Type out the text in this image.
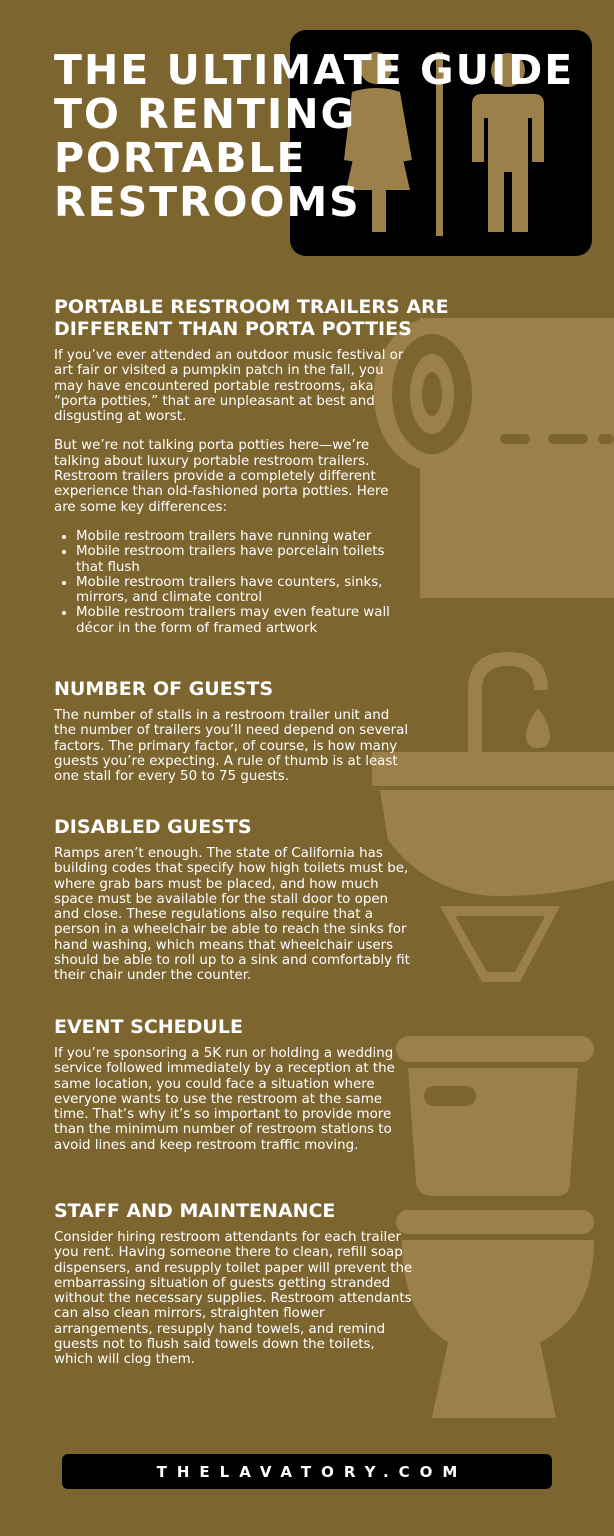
THE ULTIMATE GUIDE TO RENTING PORTABLE RESTROOMS
PORTABLE RESTROOM TRAILERS ARE DIFFERENT THAN PORTA POTTIES

If you’ve ever attended an outdoor music festival or art fair or visited a pumpkin patch in the fall, you may have encountered portable restrooms, aka “porta potties,” that are unpleasant at best and disgusting at worst.

But we’re not talking porta potties here—we’re talking about luxury portable restroom trailers. Restroom trailers provide a completely different experience than old-fashioned porta potties. Here are some key differences:

• Mobile restroom trailers have running water
• Mobile restroom trailers have porcelain toilets that flush
• Mobile restroom trailers have counters, sinks, mirrors, and climate control
• Mobile restroom trailers may even feature wall décor in the form of framed artwork
NUMBER OF GUESTS

The number of stalls in a restroom trailer unit and the number of trailers you’ll need depend on several factors. The primary factor, of course, is how many guests you’re expecting. A rule of thumb is at least one stall for every 50 to 75 guests.

DISABLED GUESTS

Ramps aren’t enough. The state of California has building codes that specify how high toilets must be, where grab bars must be placed, and how much space must be available for the stall door to open and close. These regulations also require that a person in a wheelchair be able to reach the sinks for hand washing, which means that wheelchair users should be able to roll up to a sink and comfortably fit their chair under the counter.

EVENT SCHEDULE

If you’re sponsoring a 5K run or holding a wedding service followed immediately by a reception at the same location, you could face a situation where everyone wants to use the restroom at the same time. That’s why it’s so important to provide more than the minimum number of restroom stations to avoid lines and keep restroom traffic moving.

STAFF AND MAINTENANCE

Consider hiring restroom attendants for each trailer you rent. Having someone there to clean, refill soap dispensers, and resupply toilet paper will prevent the embarrassing situation of guests getting stranded without the necessary supplies. Restroom attendants can also clean mirrors, straighten flower arrangements, resupply hand towels, and remind guests not to flush said towels down the toilets, which will clog them.

THELAVATORY.COM
